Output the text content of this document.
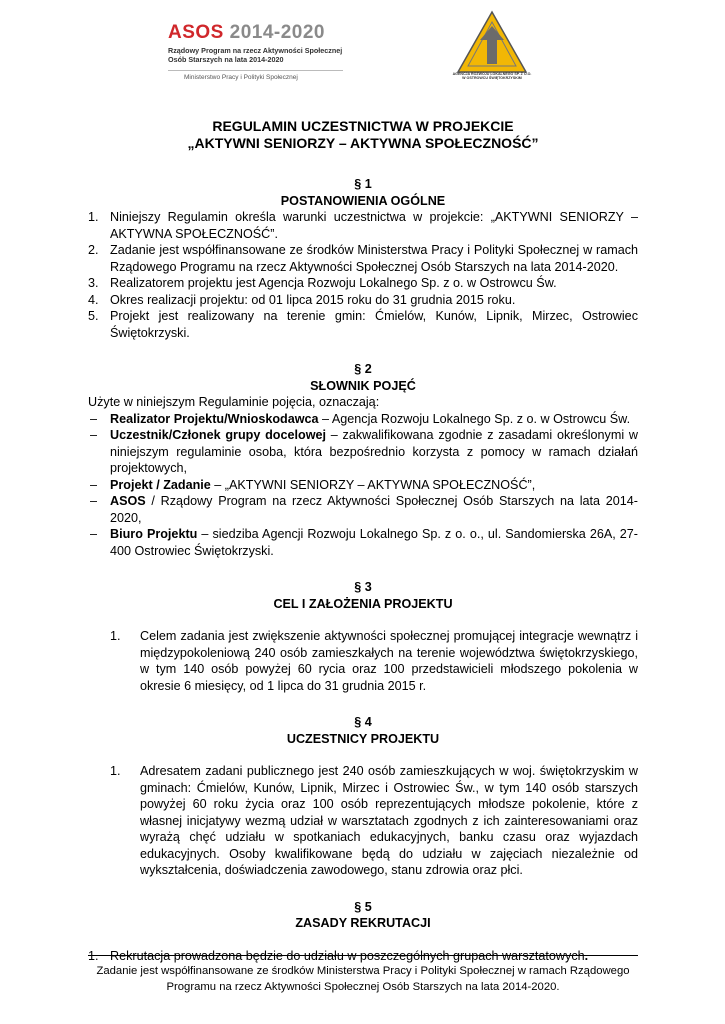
ASOS 2014-2020
Rządowy Program na rzecz Aktywności Społecznej
Osób Starszych na lata 2014-2020
Ministerstwo Pracy i Polityki Społecznej	AGENCJA ROZWOJU LOKALNEGO SP. Z O.O.
W OSTROWCU ŚWIĘTOKRZYSKIM
REGULAMIN UCZESTNICTWA W PROJEKCIE
„AKTYWNI SENIORZY – AKTYWNA SPOŁECZNOŚĆ”
§ 1
POSTANOWIENIA OGÓLNE
1. Niniejszy Regulamin określa warunki uczestnictwa w projekcie: „AKTYWNI SENIORZY – AKTYWNA SPOŁECZNOŚĆ”.
2. Zadanie jest współfinansowane ze środków Ministerstwa Pracy i Polityki Społecznej w ramach Rządowego Programu na rzecz Aktywności Społecznej Osób Starszych na lata 2014-2020.
3. Realizatorem projektu jest Agencja Rozwoju Lokalnego Sp. z o. w Ostrowcu Św.
4. Okres realizacji projektu: od 01 lipca 2015 roku do 31 grudnia 2015 roku.
5. Projekt jest realizowany na terenie gmin: Ćmielów, Kunów, Lipnik, Mirzec, Ostrowiec Świętokrzyski.
§ 2
SŁOWNIK POJĘĆ
Użyte w niniejszym Regulaminie pojęcia, oznaczają:
– Realizator Projektu/Wnioskodawca – Agencja Rozwoju Lokalnego Sp. z o. w Ostrowcu Św.
– Uczestnik/Członek grupy docelowej – zakwalifikowana zgodnie z zasadami określonymi w niniejszym regulaminie osoba, która bezpośrednio korzysta z pomocy w ramach działań projektowych,
– Projekt / Zadanie – „AKTYWNI SENIORZY – AKTYWNA SPOŁECZNOŚĆ”,
– ASOS / Rządowy Program na rzecz Aktywności Społecznej Osób Starszych na lata 2014-2020,
– Biuro Projektu – siedziba Agencji Rozwoju Lokalnego Sp. z o. o., ul. Sandomierska 26A, 27-400 Ostrowiec Świętokrzyski.
§ 3
CEL I ZAŁOŻENIA PROJEKTU
1. Celem zadania jest zwiększenie aktywności społecznej promującej integracje wewnątrz i międzypokoleniową 240 osób zamieszkałych na terenie województwa świętokrzyskiego, w tym 140 osób powyżej 60 rycia oraz 100 przedstawicieli młodszego pokolenia w okresie 6 miesięcy, od 1 lipca do 31 grudnia 2015 r.
§ 4
UCZESTNICY PROJEKTU
1. Adresatem zadani publicznego jest 240 osób zamieszkujących w woj. świętokrzyskim w gminach: Ćmielów, Kunów, Lipnik, Mirzec i Ostrowiec Św., w tym 140 osób starszych powyżej 60 roku życia oraz 100 osób reprezentujących młodsze pokolenie, które z własnej inicjatywy wezmą udział w warsztatach zgodnych z ich zainteresowaniami oraz wyrażą chęć udziału w spotkaniach edukacyjnych, banku czasu oraz wyjazdach edukacyjnych. Osoby kwalifikowane będą do udziału w zajęciach niezależnie od wykształcenia, doświadczenia zawodowego, stanu zdrowia oraz płci.
§ 5
ZASADY REKRUTACJI
1. Rekrutacja prowadzona będzie do udziału w poszczególnych grupach warsztatowych.
Zadanie jest współfinansowane ze środków Ministerstwa Pracy i Polityki Społecznej w ramach Rządowego
Programu na rzecz Aktywności Społecznej Osób Starszych na lata 2014-2020.
